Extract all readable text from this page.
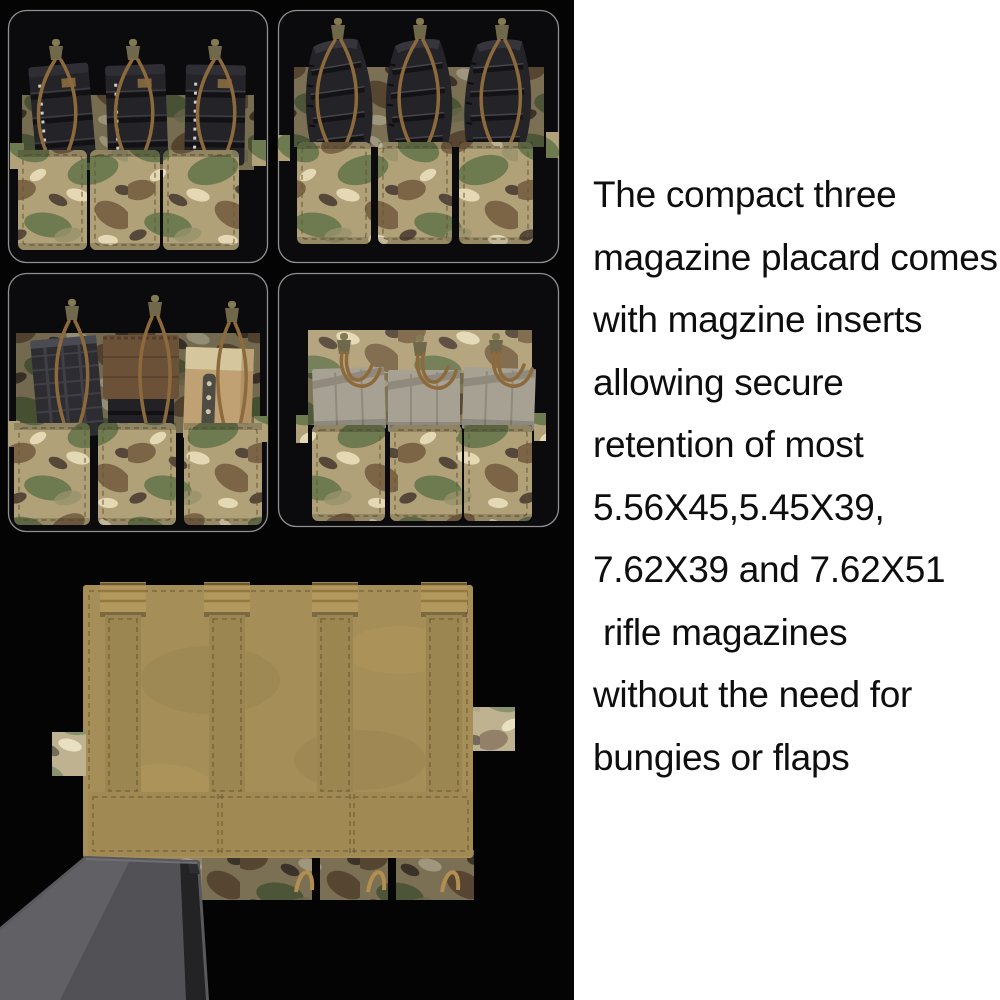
The compact three
magazine placard comes
with magzine inserts
allowing secure
retention of most
5.56X45,5.45X39,
7.62X39 and 7.62X51
rifle magazines
without the need for
bungies or flaps
